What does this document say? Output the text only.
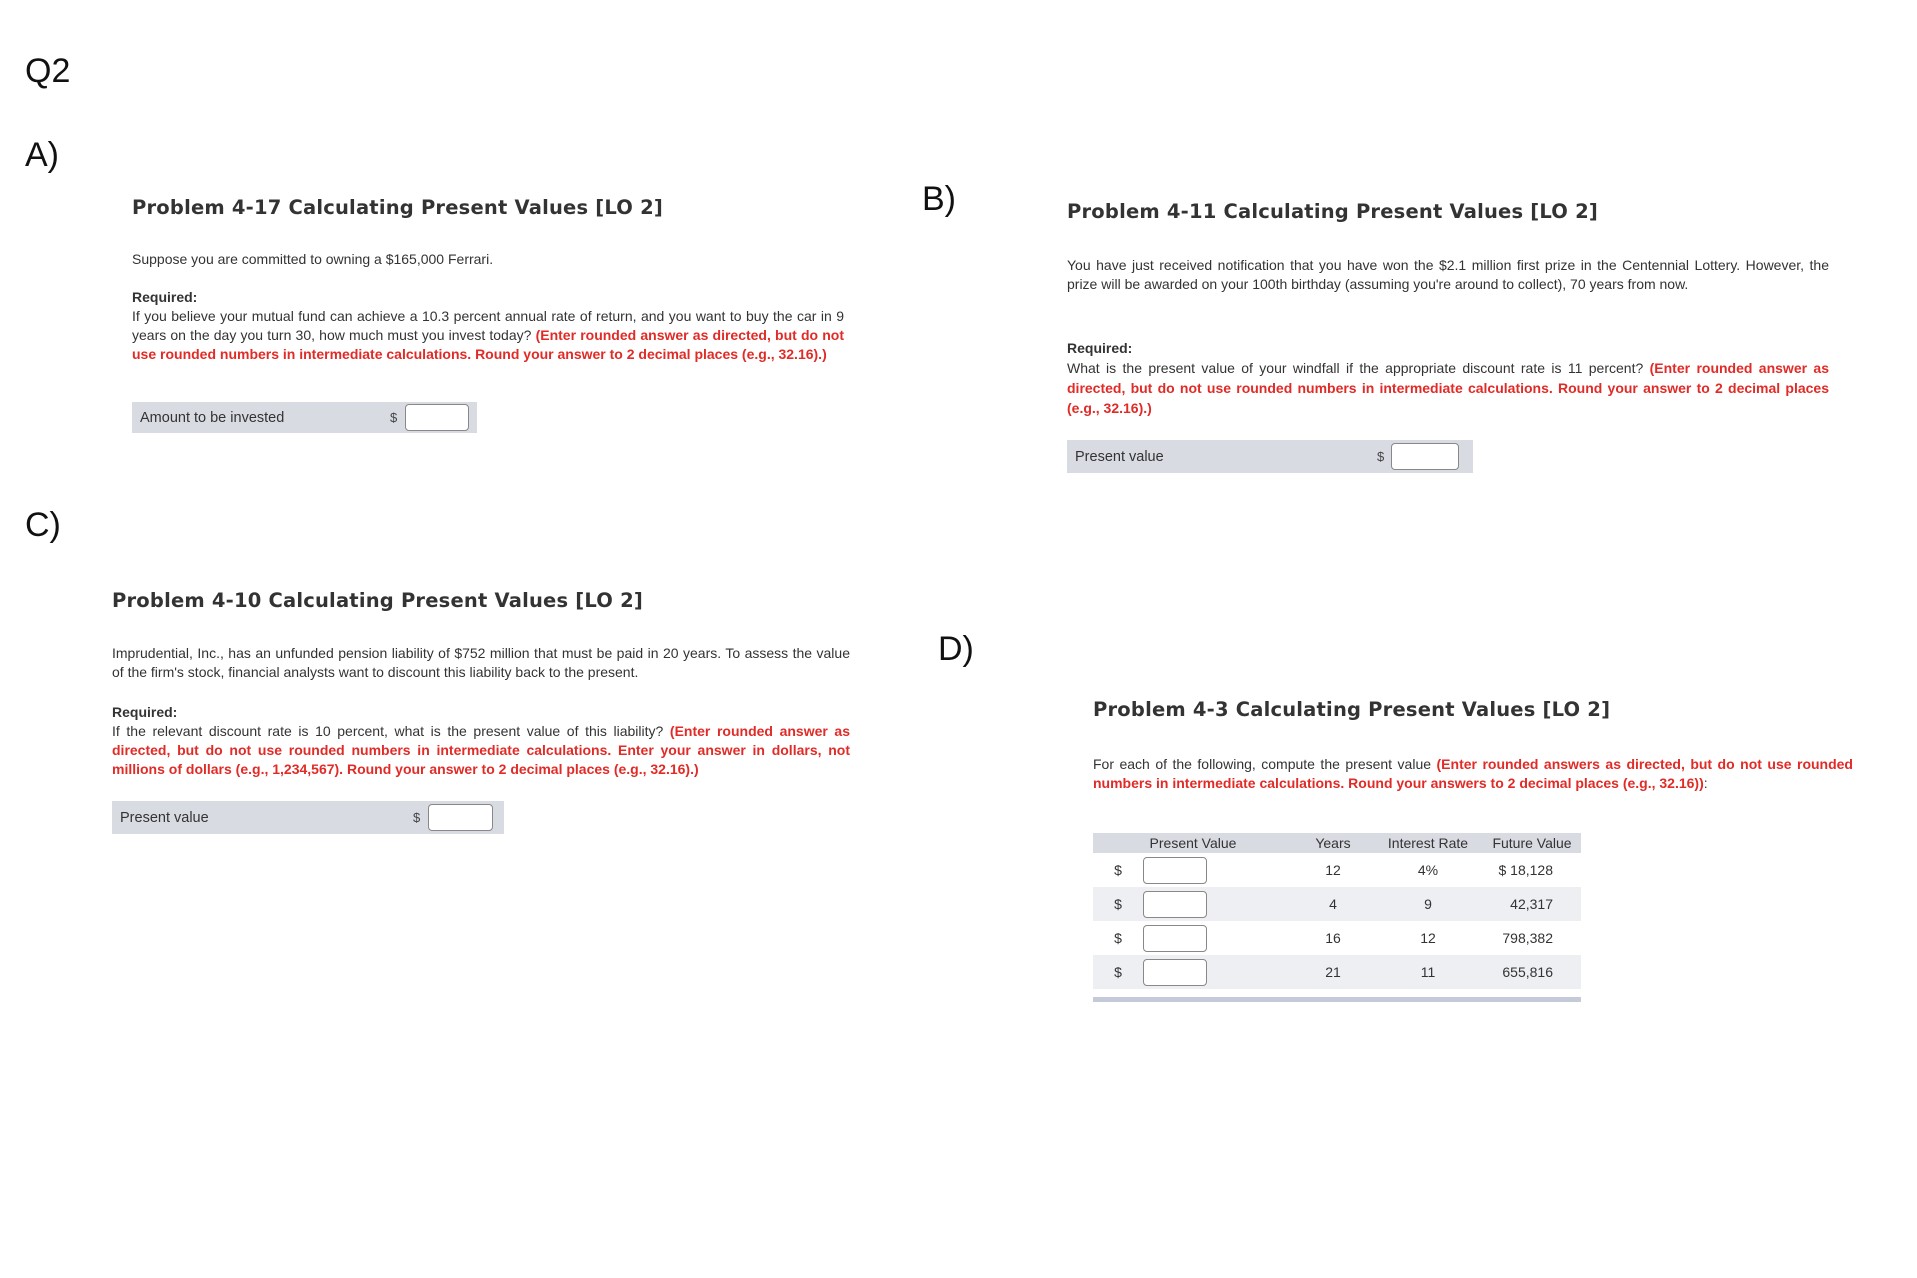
Q2
A)
B)
C)
D)
Problem 4-17 Calculating Present Values [LO 2]

Suppose you are committed to owning a $165,000 Ferrari.

Required:
If you believe your mutual fund can achieve a 10.3 percent annual rate of return, and you want to buy the car in 9 years on the day you turn 30, how much must you invest today? (Enter rounded answer as directed, but do not use rounded numbers in intermediate calculations. Round your answer to 2 decimal places (e.g., 32.16).)

Amount to be invested	$
Problem 4-11 Calculating Present Values [LO 2]

You have just received notification that you have won the $2.1 million first prize in the Centennial Lottery. However, the prize will be awarded on your 100th birthday (assuming you're around to collect), 70 years from now.

Required:
What is the present value of your windfall if the appropriate discount rate is 11 percent? (Enter rounded answer as directed, but do not use rounded numbers in intermediate calculations. Round your answer to 2 decimal places (e.g., 32.16).)

Present value	$
Problem 4-10 Calculating Present Values [LO 2]

Imprudential, Inc., has an unfunded pension liability of $752 million that must be paid in 20 years. To assess the value of the firm's stock, financial analysts want to discount this liability back to the present.

Required:
If the relevant discount rate is 10 percent, what is the present value of this liability? (Enter rounded answer as directed, but do not use rounded numbers in intermediate calculations. Enter your answer in dollars, not millions of dollars (e.g., 1,234,567). Round your answer to 2 decimal places (e.g., 32.16).)

Present value	$
Problem 4-3 Calculating Present Values [LO 2]

For each of the following, compute the present value (Enter rounded answers as directed, but do not use rounded numbers in intermediate calculations. Round your answers to 2 decimal places (e.g., 32.16)):

Present Value		Years	Interest Rate	Future Value
$		12	4%	$ 18,128
$		4	9	42,317
$		16	12	798,382
$		21	11	655,816
